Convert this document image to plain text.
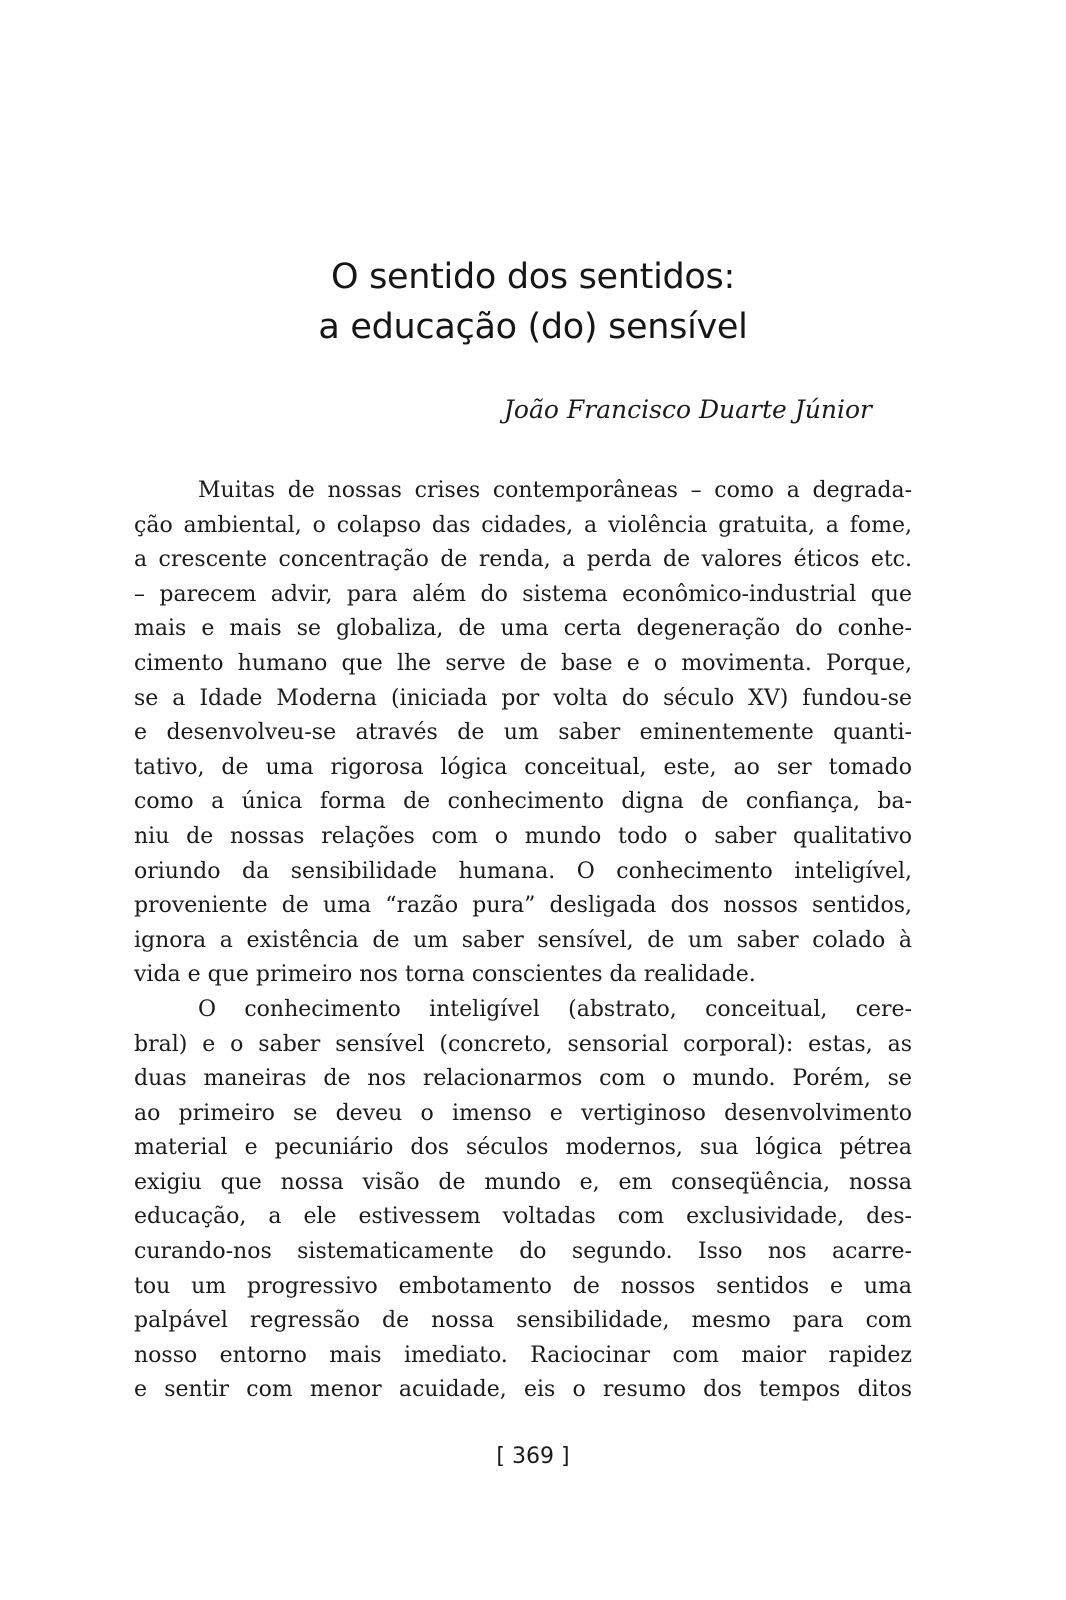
O sentido dos sentidos:
a educação (do) sensível
João Francisco Duarte Júnior
Muitas de nossas crises contemporâneas – como a degrada-
ção ambiental, o colapso das cidades, a violência gratuita, a fome,
a crescente concentração de renda, a perda de valores éticos etc.
– parecem advir, para além do sistema econômico-industrial que
mais e mais se globaliza, de uma certa degeneração do conhe-
cimento humano que lhe serve de base e o movimenta. Porque,
se a Idade Moderna (iniciada por volta do século XV) fundou-se
e desenvolveu-se através de um saber eminentemente quanti-
tativo, de uma rigorosa lógica conceitual, este, ao ser tomado
como a única forma de conhecimento digna de confiança, ba-
niu de nossas relações com o mundo todo o saber qualitativo
oriundo da sensibilidade humana. O conhecimento inteligível,
proveniente de uma “razão pura” desligada dos nossos sentidos,
ignora a existência de um saber sensível, de um saber colado à
vida e que primeiro nos torna conscientes da realidade.
O conhecimento inteligível (abstrato, conceitual, cere-
bral) e o saber sensível (concreto, sensorial corporal): estas, as
duas maneiras de nos relacionarmos com o mundo. Porém, se
ao primeiro se deveu o imenso e vertiginoso desenvolvimento
material e pecuniário dos séculos modernos, sua lógica pétrea
exigiu que nossa visão de mundo e, em conseqüência, nossa
educação, a ele estivessem voltadas com exclusividade, des-
curando-nos sistematicamente do segundo. Isso nos acarre-
tou um progressivo embotamento de nossos sentidos e uma
palpável regressão de nossa sensibilidade, mesmo para com
nosso entorno mais imediato. Raciocinar com maior rapidez
e sentir com menor acuidade, eis o resumo dos tempos ditos
[ 369 ]
